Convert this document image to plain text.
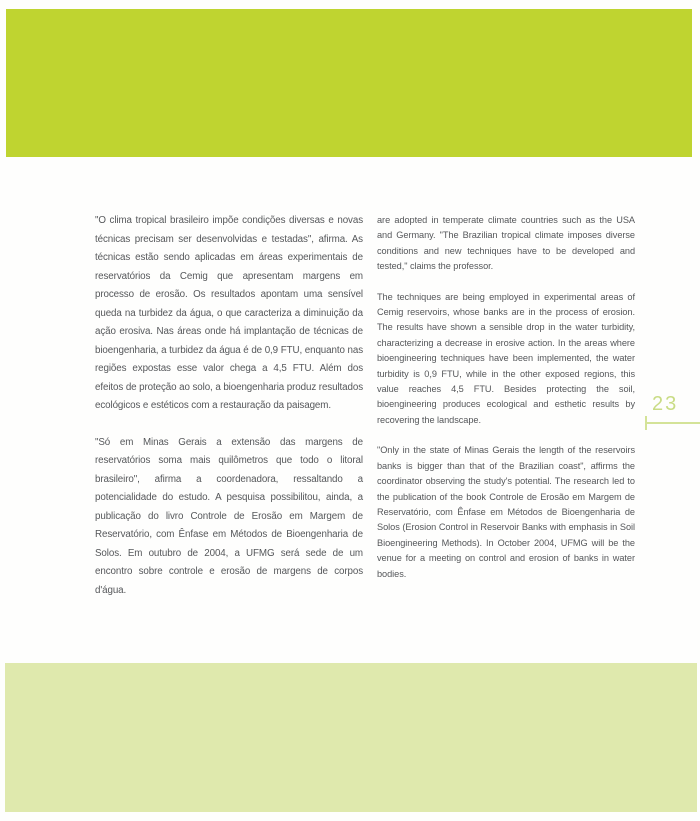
"O clima tropical brasileiro impõe condições diversas e novas técnicas precisam ser desenvolvidas e testadas", afirma. As técnicas estão sendo aplicadas em áreas experimentais de reservatórios da Cemig que apresentam margens em processo de erosão. Os resultados apontam uma sensível queda na turbidez da água, o que caracteriza a diminuição da ação erosiva. Nas áreas onde há implantação de técnicas de bioengenharia, a turbidez da água é de 0,9 FTU, enquanto nas regiões expostas esse valor chega a 4,5 FTU. Além dos efeitos de proteção ao solo, a bioengenharia produz resultados ecológicos e estéticos com a restauração da paisagem.

"Só em Minas Gerais a extensão das margens de reservatórios soma mais quilômetros que todo o litoral brasileiro", afirma a coordenadora, ressaltando a potencialidade do estudo. A pesquisa possibilitou, ainda, a publicação do livro Controle de Erosão em Margem de Reservatório, com Ênfase em Métodos de Bioengenharia de Solos. Em outubro de 2004, a UFMG será sede de um encontro sobre controle e erosão de margens de corpos d'água.

are adopted in temperate climate countries such as the USA and Germany. "The Brazilian tropical climate imposes diverse conditions and new techniques have to be developed and tested," claims the professor.

The techniques are being employed in experimental areas of Cemig reservoirs, whose banks are in the process of erosion. The results have shown a sensible drop in the water turbidity, characterizing a decrease in erosive action. In the areas where bioengineering techniques have been implemented, the water turbidity is 0,9 FTU, while in the other exposed regions, this value reaches 4,5 FTU. Besides protecting the soil, bioengineering produces ecological and esthetic results by recovering the landscape.

"Only in the state of Minas Gerais the length of the reservoirs banks is bigger than that of the Brazilian coast", affirms the coordinator observing the study's potential. The research led to the publication of the book Controle de Erosão em Margem de Reservatório, com Ênfase em Métodos de Bioengenharia de Solos (Erosion Control in Reservoir Banks with emphasis in Soil Bioengineering Methods). In October 2004, UFMG will be the venue for a meeting on control and erosion of banks in water bodies.

23
